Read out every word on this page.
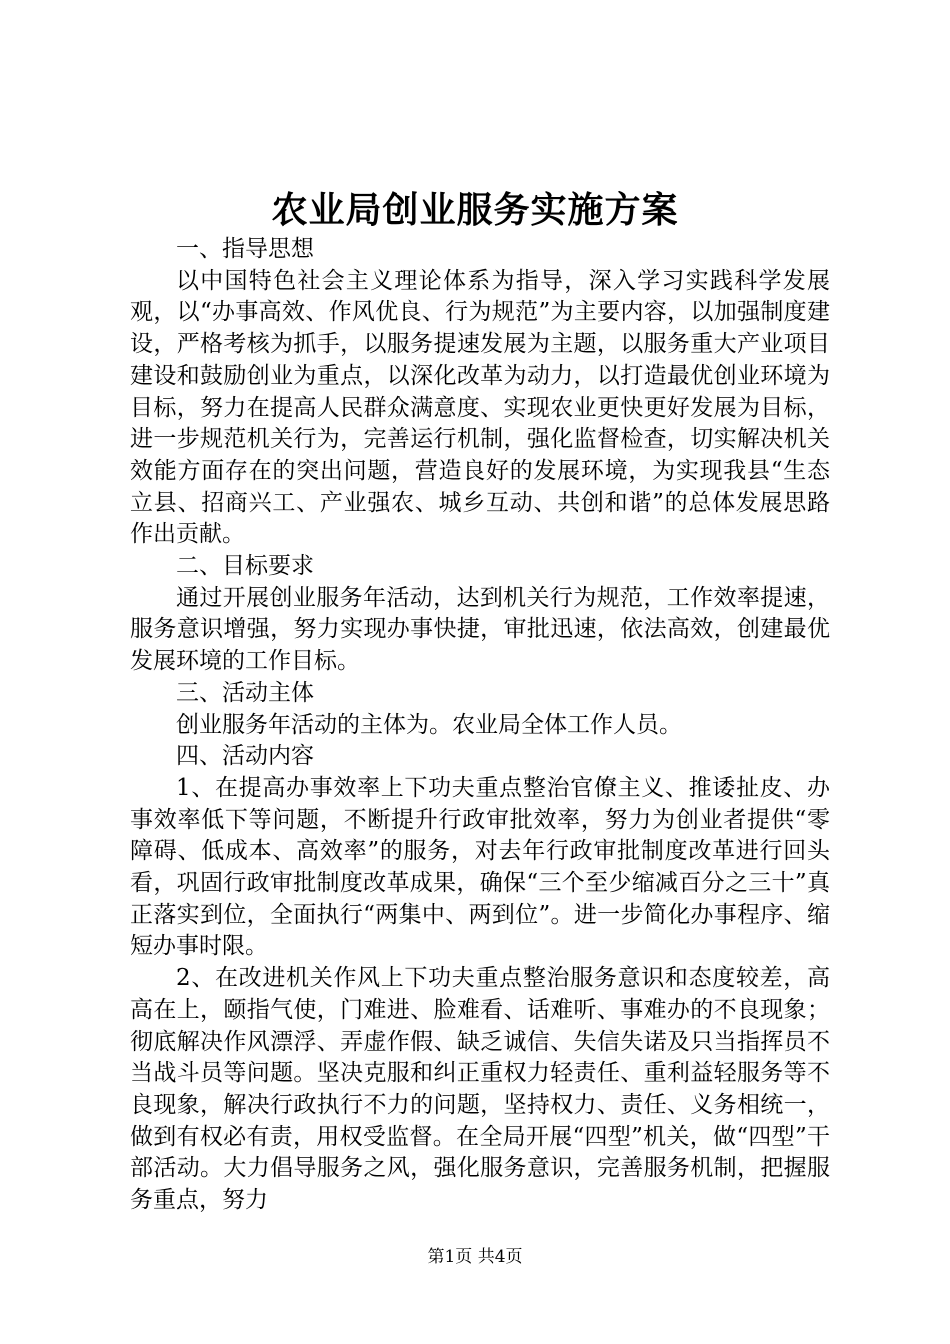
农业局创业服务实施方案

一、指导思想

以中国特色社会主义理论体系为指导，深入学习实践科学发展观，以“办事高效、作风优良、行为规范”为主要内容，以加强制度建设，严格考核为抓手，以服务提速发展为主题，以服务重大产业项目建设和鼓励创业为重点，以深化改革为动力，以打造最优创业环境为目标，努力在提高人民群众满意度、实现农业更快更好发展为目标，进一步规范机关行为，完善运行机制，强化监督检查，切实解决机关效能方面存在的突出问题，营造良好的发展环境，为实现我县“生态立县、招商兴工、产业强农、城乡互动、共创和谐”的总体发展思路作出贡献。

二、目标要求

通过开展创业服务年活动，达到机关行为规范，工作效率提速，服务意识增强，努力实现办事快捷，审批迅速，依法高效，创建最优发展环境的工作目标。

三、活动主体

创业服务年活动的主体为。农业局全体工作人员。

四、活动内容

1、在提高办事效率上下功夫重点整治官僚主义、推诿扯皮、办事效率低下等问题，不断提升行政审批效率，努力为创业者提供“零障碍、低成本、高效率”的服务，对去年行政审批制度改革进行回头看，巩固行政审批制度改革成果，确保“三个至少缩减百分之三十”真正落实到位，全面执行“两集中、两到位”。进一步简化办事程序、缩短办事时限。

2、在改进机关作风上下功夫重点整治服务意识和态度较差，高高在上，颐指气使，门难进、脸难看、话难听、事难办的不良现象；彻底解决作风漂浮、弄虚作假、缺乏诚信、失信失诺及只当指挥员不当战斗员等问题。坚决克服和纠正重权力轻责任、重利益轻服务等不良现象，解决行政执行不力的问题，坚持权力、责任、义务相统一，做到有权必有责，用权受监督。在全局开展“四型”机关，做“四型”干部活动。大力倡导服务之风，强化服务意识，完善服务机制，把握服务重点，努力

第1页 共4页
